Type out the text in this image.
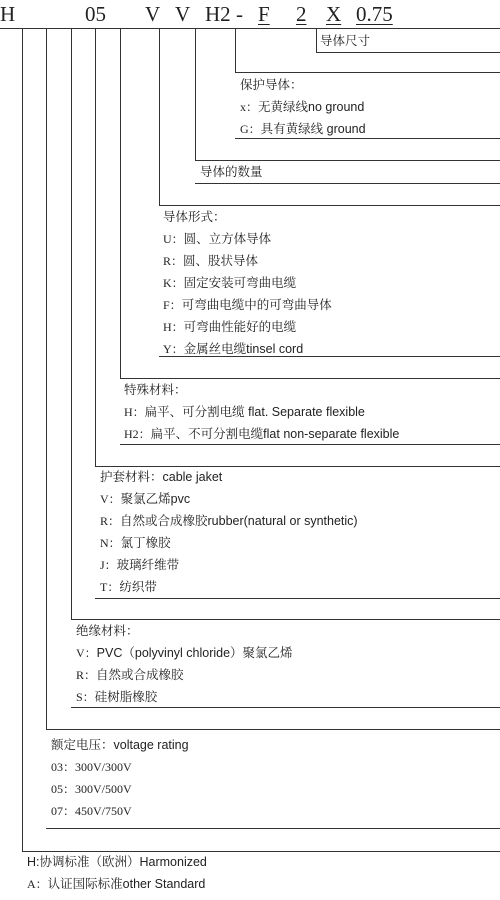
H	05 V V H2 - F 2 X 0.75
导体尺寸
保护导体：
x：无黄绿线no ground
G：具有黄绿线 ground
导体的数量
导体形式：
U：圆、立方体导体
R：圆、股状导体
K：固定安装可弯曲电缆
F：可弯曲电缆中的可弯曲导体
H：可弯曲性能好的电缆
Y：金属丝电缆tinsel cord
特殊材料：
H：扁平、可分割电缆 flat. Separate flexible
H2：扁平、不可分割电缆flat non-separate flexible
护套材料：cable jaket
V：聚氯乙烯pvc
R：自然或合成橡胶rubber(natural or synthetic)
N：氯丁橡胶
J：玻璃纤维带
T：纺织带
绝缘材料：
V：PVC（polyvinyl chloride）聚氯乙烯
R：自然或合成橡胶
S：硅树脂橡胶
额定电压：voltage rating
03：300V/300V
05：300V/500V
07：450V/750V
H:协调标准（欧洲）Harmonized
A：认证国际标准other Standard
